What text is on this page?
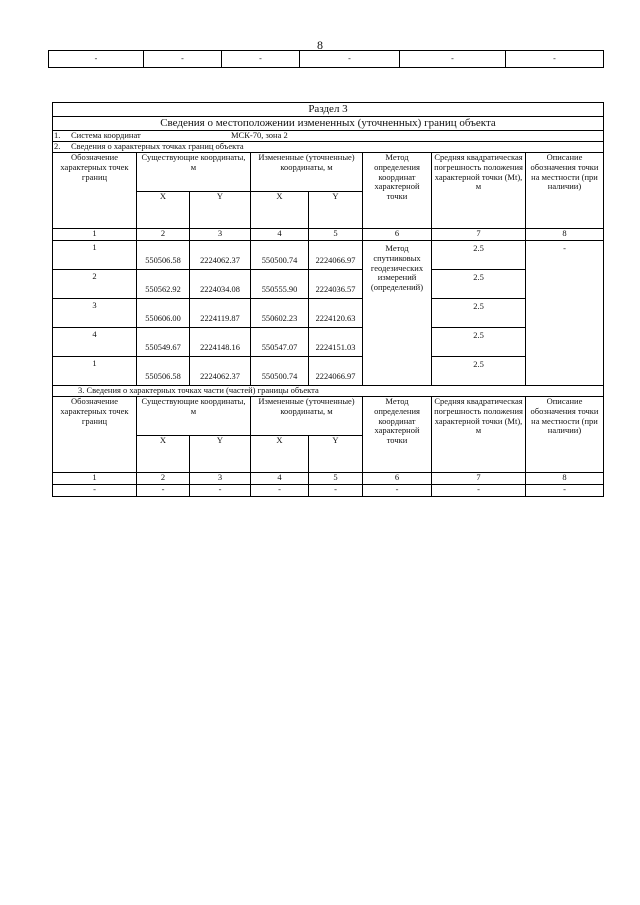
8
-	-	-	-	-	-
Раздел 3							
Сведения о местоположении измененных (уточненных) границ объекта							
1. Система координат МСК-70, зона 2							
2. Сведения о характерных точках границ объекта							
Обозначение характерных точек границ	Существующие координаты, м		Измененные (уточненные) координаты, м		Метод определения координат характерной точки	Средняя квадратическая погрешность положения характерной точки (Mt), м	Описание обозначения точки на местности (при наличии)
	X	Y	X	Y			
1	2	3	4	5	6	7	8
1	550506.58	2224062.37	550500.74	2224066.97	Метод спутниковых геодезических измерений (определений)	2.5	-
2	550562.92	2224034.08	550555.90	2224036.57		2.5	
3	550606.00	2224119.87	550602.23	2224120.63		2.5	
4	550549.67	2224148.16	550547.07	2224151.03		2.5	
1	550506.58	2224062.37	550500.74	2224066.97		2.5	
3. Сведения о характерных точках части (частей) границы объекта							
Обозначение характерных точек границ	Существующие координаты, м		Измененные (уточненные) координаты, м		Метод определения координат характерной точки	Средняя квадратическая погрешность положения характерной точки (Mt), м	Описание обозначения точки на местности (при наличии)
	X	Y	X	Y			
1	2	3	4	5	6	7	8
-	-	-	-	-	-	-	-
